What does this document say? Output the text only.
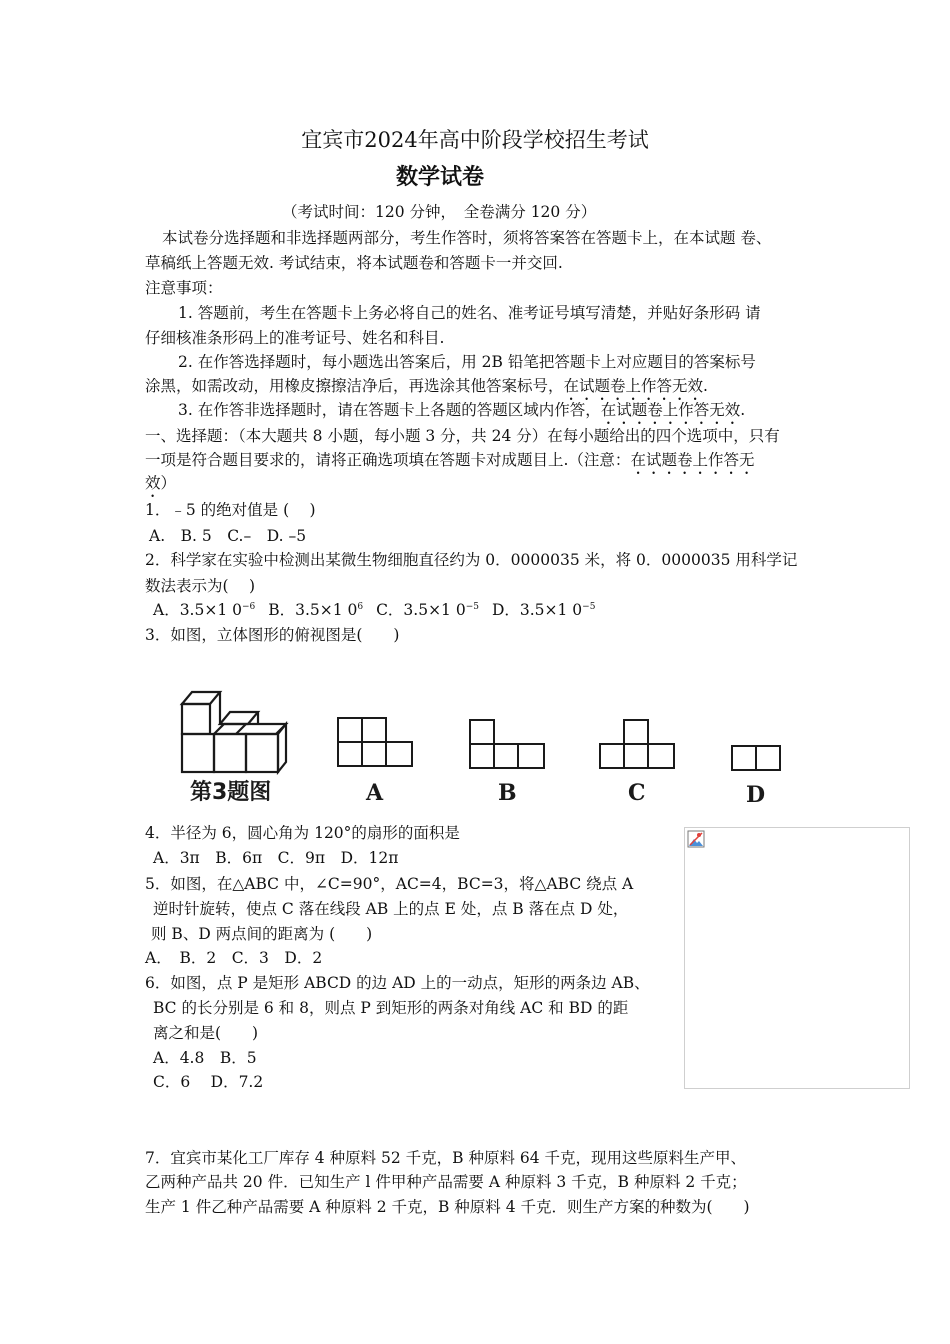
宜宾市2024年高中阶段学校招生考试
数学试卷
（考试时间：120 分钟，　全卷满分 120 分）
本试卷分选择题和非选择题两部分，考生作答时，须将答案答在答题卡上，在本试题 卷、
草稿纸上答题无效. 考试结束，将本试题卷和答题卡一并交回.
注意事项：
1. 答题前，考生在答题卡上务必将自己的姓名、准考证号填写清楚，并贴好条形码 请
仔细核准条形码上的准考证号、姓名和科目.
2. 在作答选择题时，每小题选出答案后，用 2B 铅笔把答题卡上对应题目的答案标号
涂黑，如需改动，用橡皮擦擦洁净后，再选涂其他答案标号，在试题卷上作答无效.
3. 在作答非选择题时，请在答题卡上各题的答题区域内作答，在试题卷上作答无效.
一、选择题：（本大题共 8 小题，每小题 3 分，共 24 分）在每小题给出的四个选项中，只有
一项是符合题目要求的，请将正确选项填在答题卡对成题目上.（注意：在试题卷上作答无
效）
1．﹣5 的绝对值是 (　 )
A.　B. 5　C.–　D. –5
2．科学家在实验中检测出某微生物细胞直径约为 0．0000035 米，将 0．0000035 用科学记
数法表示为(　 )
A．3.5×1 $0^{-6}$ B．3.5×1 $0^6$ C．3.5×1 $0^{-5}$ D．3.5×1 $0^{-5}$
3．如图，立体图形的俯视图是(　　)
第3题图	A	B	C	D
4．半径为 6，圆心角为 120°的扇形的面积是
A．3π　B．6π　C．9π　D．12π
5．如图，在△ABC 中，∠C=90°，AC=4，BC=3，将△ABC 绕点 A
逆时针旋转，使点 C 落在线段 AB 上的点 E 处，点 B 落在点 D 处，
则 B、D 两点间的距离为 (　　)
A．　B．2　C．3　D．2
6．如图，点 P 是矩形 ABCD 的边 AD 上的一动点，矩形的两条边 AB、
BC 的长分别是 6 和 8，则点 P 到矩形的两条对角线 AC 和 BD 的距
离之和是(　　)
A．4.8　B．5
C．6　 D．7.2
7．宜宾市某化工厂库存 4 种原料 52 千克，B 种原料 64 千克，现用这些原料生产甲、
乙两种产品共 20 件．已知生产 l 件甲种产品需要 A 种原料 3 千克，B 种原料 2 千克；
生产 1 件乙种产品需要 A 种原料 2 千克，B 种原料 4 千克．则生产方案的种数为(　　)
